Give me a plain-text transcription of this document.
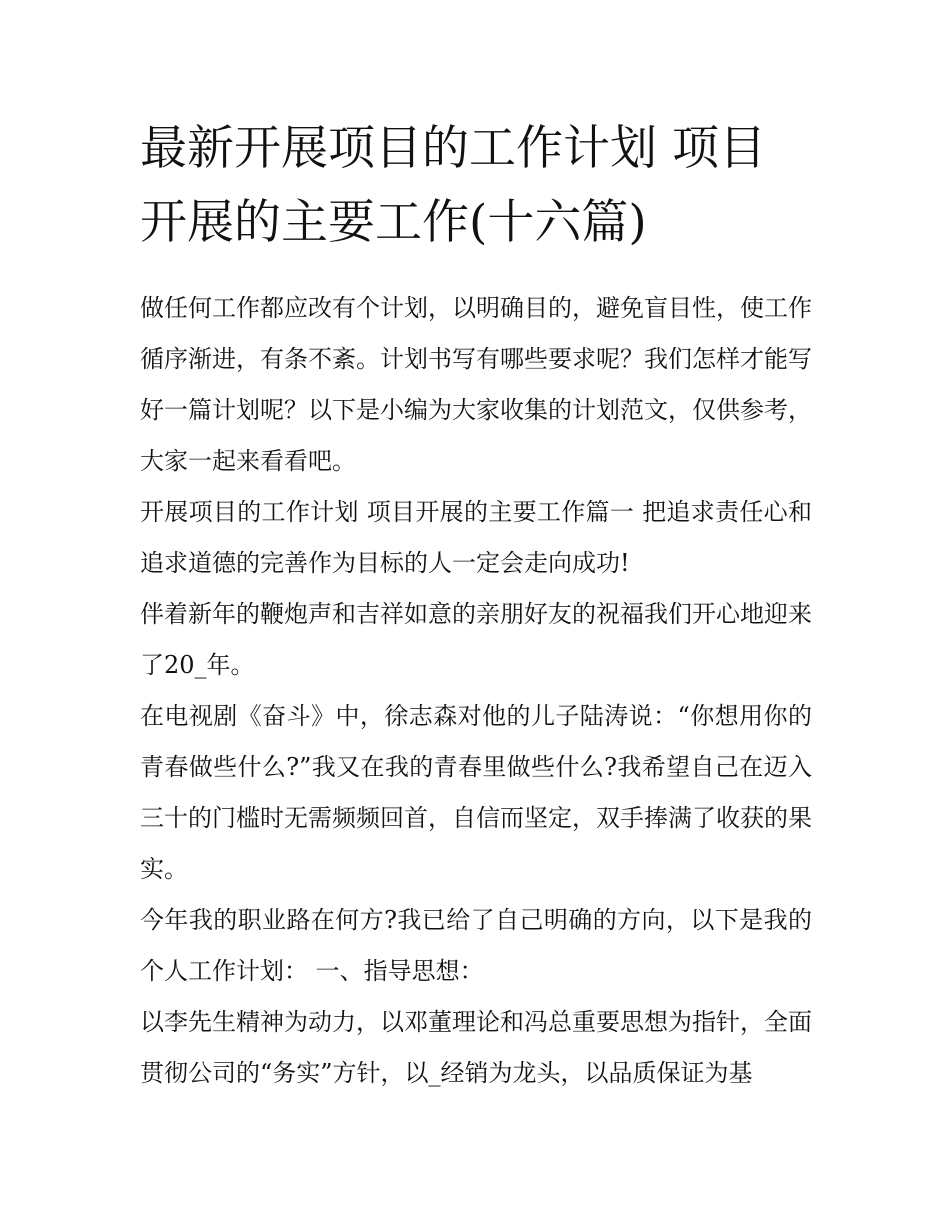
最新开展项目的工作计划 项目开展的主要工作(十六篇)

做任何工作都应改有个计划，以明确目的，避免盲目性，使工作循序渐进，有条不紊。计划书写有哪些要求呢？我们怎样才能写好一篇计划呢？以下是小编为大家收集的计划范文，仅供参考，大家一起来看看吧。

开展项目的工作计划 项目开展的主要工作篇一 把追求责任心和追求道德的完善作为目标的人一定会走向成功!

伴着新年的鞭炮声和吉祥如意的亲朋好友的祝福我们开心地迎来了20_年。

在电视剧《奋斗》中，徐志森对他的儿子陆涛说：“你想用你的青春做些什么?”我又在我的青春里做些什么?我希望自己在迈入三十的门槛时无需频频回首，自信而坚定，双手捧满了收获的果实。

今年我的职业路在何方?我已给了自己明确的方向，以下是我的个人工作计划： 一、指导思想：

以李先生精神为动力，以邓董理论和冯总重要思想为指针，全面贯彻公司的“务实”方针，以_经销为龙头，以品质保证为基
